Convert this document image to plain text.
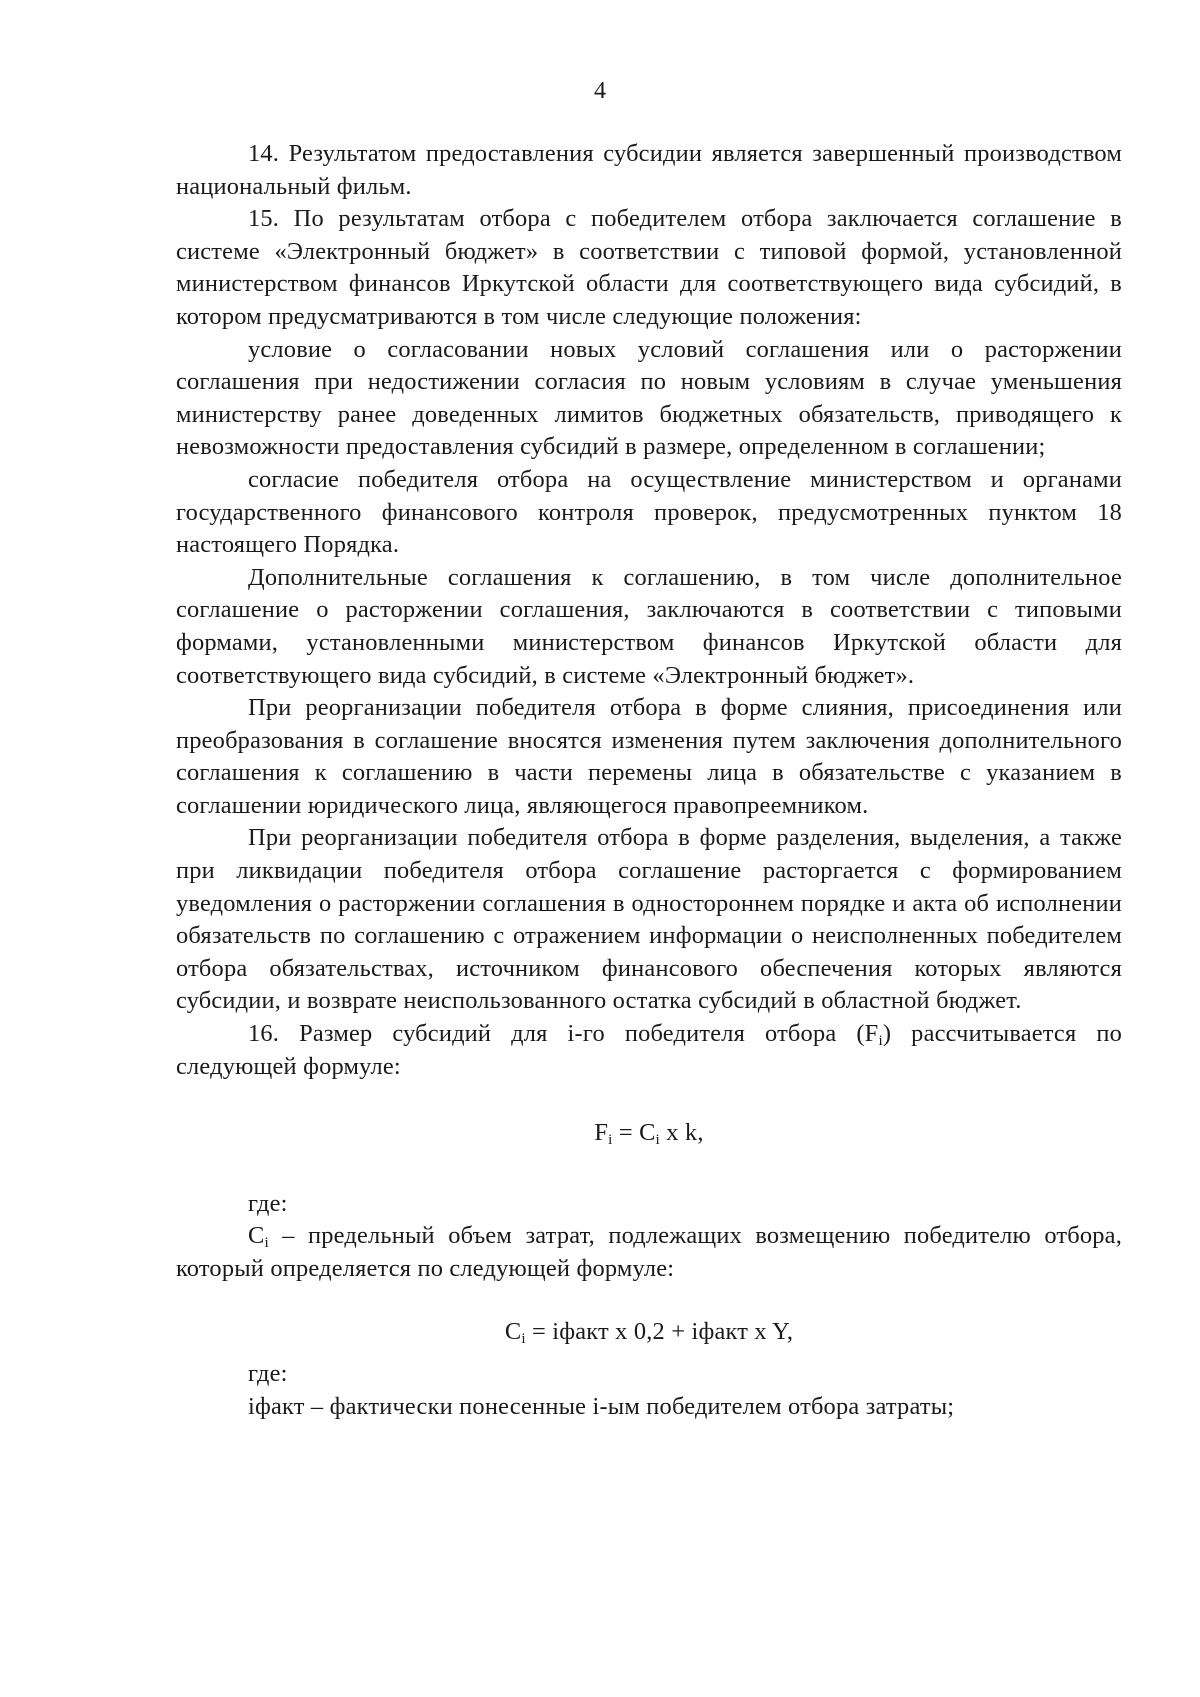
4

14. Результатом предоставления субсидии является завершенный производством национальный фильм.

15. По результатам отбора с победителем отбора заключается соглашение в системе «Электронный бюджет» в соответствии с типовой формой, установленной министерством финансов Иркутской области для соответствующего вида субсидий, в котором предусматриваются в том числе следующие положения:

условие о согласовании новых условий соглашения или о расторжении соглашения при недостижении согласия по новым условиям в случае уменьшения министерству ранее доведенных лимитов бюджетных обязательств, приводящего к невозможности предоставления субсидий в размере, определенном в соглашении;

согласие победителя отбора на осуществление министерством и органами государственного финансового контроля проверок, предусмотренных пунктом 18 настоящего Порядка.

Дополнительные соглашения к соглашению, в том числе дополнительное соглашение о расторжении соглашения, заключаются в соответствии с типовыми формами, установленными министерством финансов Иркутской области для соответствующего вида субсидий, в системе «Электронный бюджет».

При реорганизации победителя отбора в форме слияния, присоединения или преобразования в соглашение вносятся изменения путем заключения дополнительного соглашения к соглашению в части перемены лица в обязательстве с указанием в соглашении юридического лица, являющегося правопреемником.

При реорганизации победителя отбора в форме разделения, выделения, а также при ликвидации победителя отбора соглашение расторгается с формированием уведомления о расторжении соглашения в одностороннем порядке и акта об исполнении обязательств по соглашению с отражением информации о неисполненных победителем отбора обязательствах, источником финансового обеспечения которых являются субсидии, и возврате неиспользованного остатка субсидий в областной бюджет.

16. Размер субсидий для i-го победителя отбора $(F_i)$ рассчитывается по следующей формуле:

$F_i = C_i$ x k,

где:

$C_i$ – предельный объем затрат, подлежащих возмещению победителю отбора, который определяется по следующей формуле:

$C_i$ = iфакт x 0,2 + iфакт x Y,

где:

iфакт – фактически понесенные i-ым победителем отбора затраты;
